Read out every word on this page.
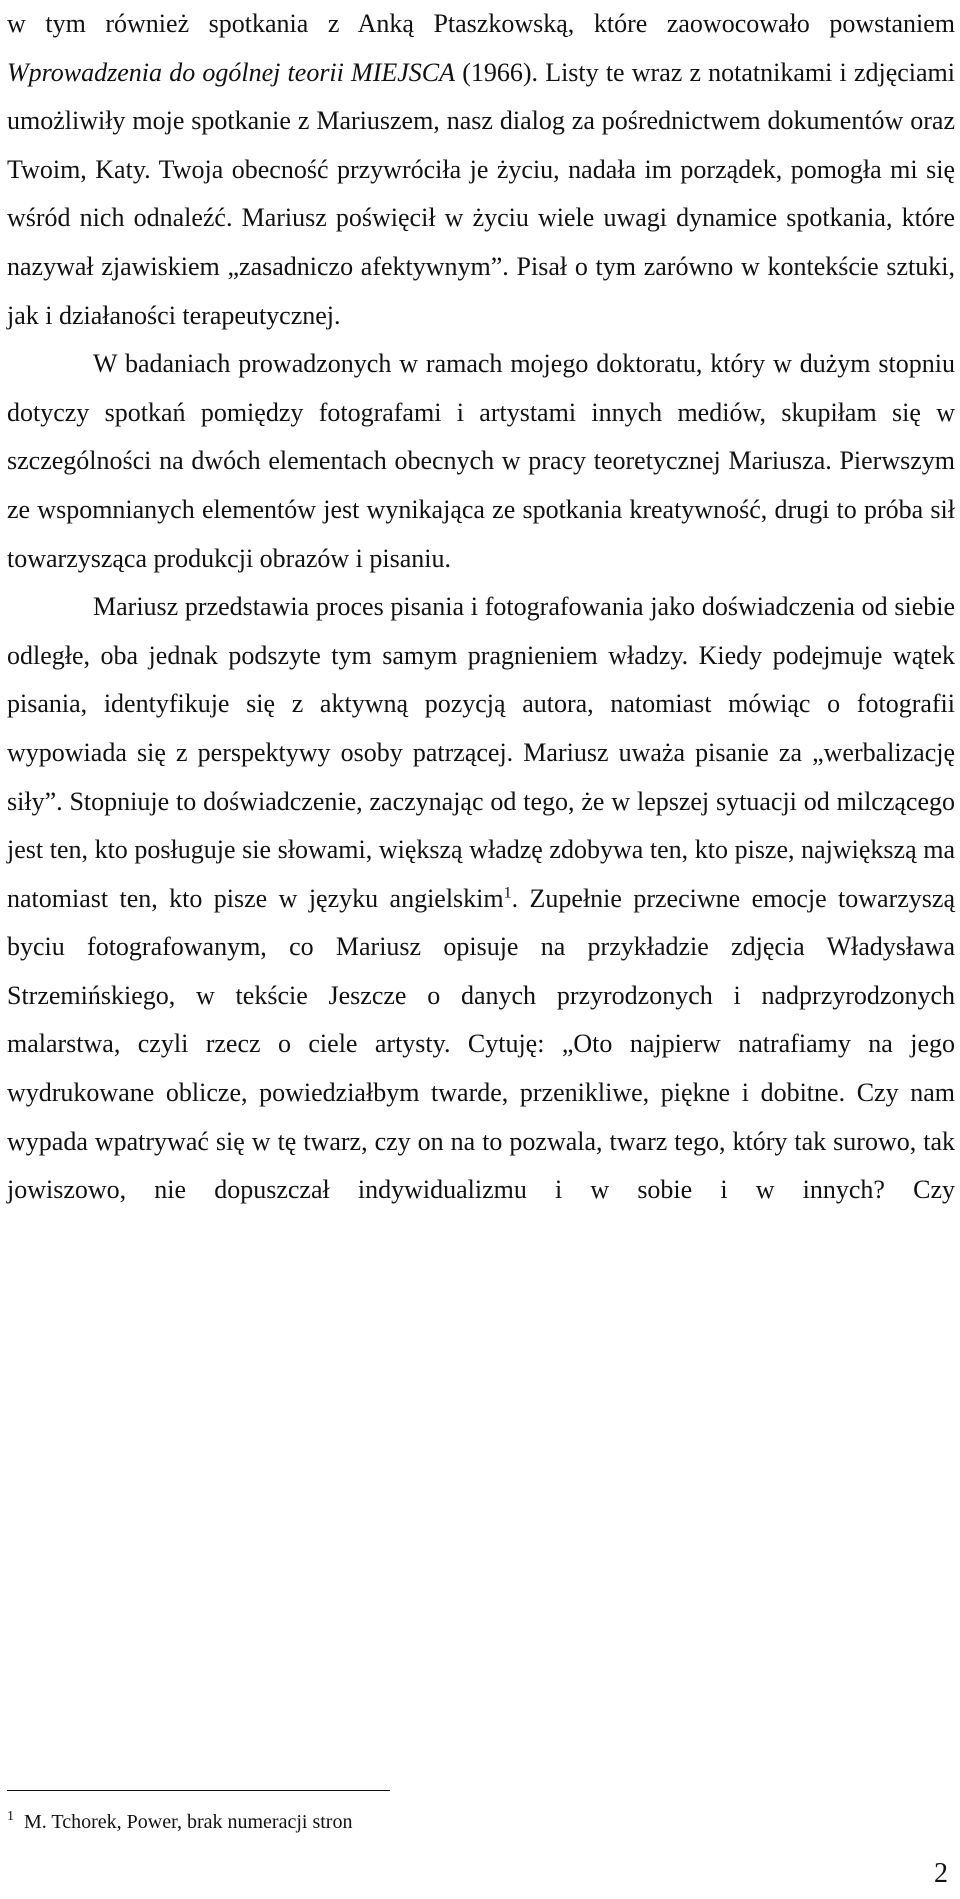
w tym również spotkania z Anką Ptaszkowską, które zaowocowało powstaniem Wprowadzenia do ogólnej teorii MIEJSCA (1966). Listy te wraz z notatnikami i zdjęciami umożliwiły moje spotkanie z Mariuszem, nasz dialog za pośrednictwem dokumentów oraz Twoim, Katy. Twoja obecność przywróciła je życiu, nadała im porządek, pomogła mi się wśród nich odnaleźć. Mariusz poświęcił w życiu wiele uwagi dynamice spotkania, które nazywał zjawiskiem „zasadniczo afektywnym”. Pisał o tym zarówno w kontekście sztuki, jak i działaności terapeutycznej.

W badaniach prowadzonych w ramach mojego doktoratu, który w dużym stopniu dotyczy spotkań pomiędzy fotografami i artystami innych mediów, skupiłam się w szczególności na dwóch elementach obecnych w pracy teoretycznej Mariusza. Pierwszym ze wspomnianych elementów jest wynikająca ze spotkania kreatywność, drugi to próba sił towarzysząca produkcji obrazów i pisaniu.

Mariusz przedstawia proces pisania i fotografowania jako doświadczenia od siebie odległe, oba jednak podszyte tym samym pragnieniem władzy. Kiedy podejmuje wątek pisania, identyfikuje się z aktywną pozycją autora, natomiast mówiąc o fotografii wypowiada się z perspektywy osoby patrzącej. Mariusz uważa pisanie za „werbalizację siły”. Stopniuje to doświadczenie, zaczynając od tego, że w lepszej sytuacji od milczącego jest ten, kto posługuje sie słowami, większą władzę zdobywa ten, kto pisze, największą ma natomiast ten, kto pisze w języku angielskim$^1$. Zupełnie przeciwne emocje towarzyszą byciu fotografowanym, co Mariusz opisuje na przykładzie zdjęcia Władysława Strzemińskiego, w tekście Jeszcze o danych przyrodzonych i nadprzyrodzonych malarstwa, czyli rzecz o ciele artysty. Cytuję: „Oto najpierw natrafiamy na jego wydrukowane oblicze, powiedziałbym twarde, przenikliwe, piękne i dobitne. Czy nam wypada wpatrywać się w tę twarz, czy on na to pozwala, twarz tego, który tak surowo, tak jowiszowo, nie dopuszczał indywidualizmu i w sobie i w innych? Czy

$^1$ M. Tchorek, Power, brak numeracji stron
2
